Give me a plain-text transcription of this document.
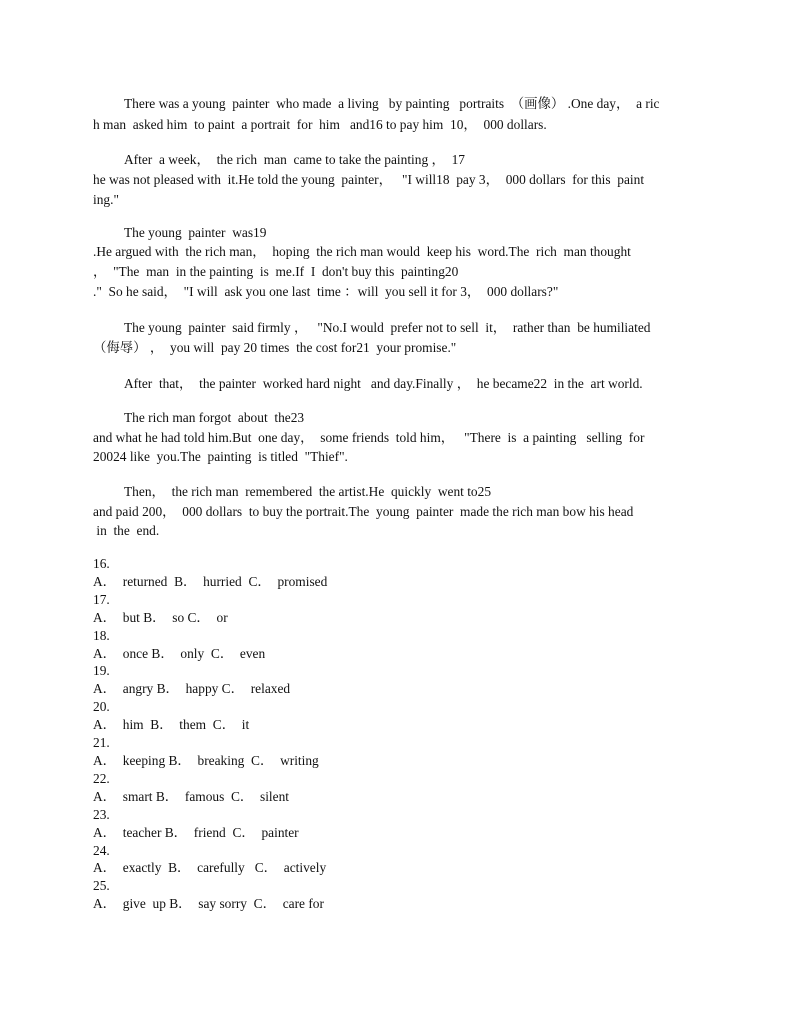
There was a young  painter  who made  a living   by painting   portraits  （画像） .One day，  a ric
h man  asked him  to paint  a portrait  for  him   and16 to pay him  10，  000 dollars.
After  a week，  the rich  man  came to take the painting ，  17
he was not pleased with  it.He told the young  painter，   "I will18  pay 3，  000 dollars  for this  paint
ing."
The young  painter  was19
.He argued with  the rich man，  hoping  the rich man would  keep his  word.The  rich  man thought
，  "The  man  in the painting  is  me.If  I  don't buy this  painting20
."  So he said，  "I will  ask you one last  time ：will  you sell it for 3，  000 dollars?"
The young  painter  said firmly ，   "No.I would  prefer not to sell  it，  rather than  be humiliated
（侮辱） ，  you will  pay 20 times  the cost for21  your promise."
After  that，  the painter  worked hard night   and day.Finally ，  he became22  in the  art world.
The rich man forgot  about  the23
and what he had told him.But  one day，  some friends  told him，   "There  is  a painting   selling  for
20024 like  you.The  painting  is titled  "Thief".
Then，  the rich man  remembered  the artist.He  quickly  went to25
and paid 200，  000 dollars  to buy the portrait.The  young  painter  made the rich man bow his head
in  the  end.
16.
A．  returned  B．  hurried  C．  promised
17.
A．  but B．  so C．  or
18.
A．  once B．  only  C．  even
19.
A．  angry B．  happy C．  relaxed
20.
A．  him  B．  them  C．  it
21.
A．  keeping B．  breaking  C．  writing
22.
A．  smart B．  famous  C．  silent
23.
A．  teacher B．  friend  C．  painter
24.
A．  exactly  B．  carefully   C．  actively
25.
A．  give  up B．  say sorry  C．  care for
